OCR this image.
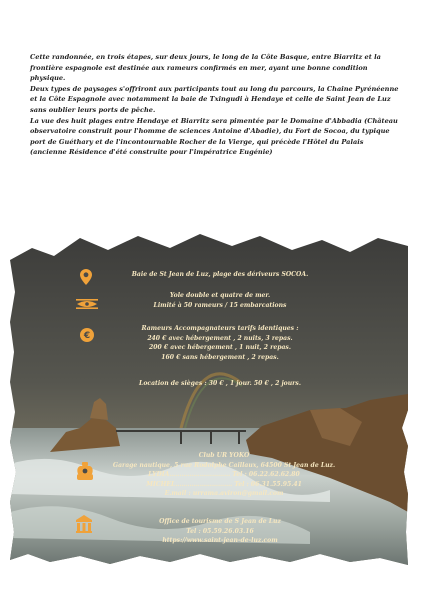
Cette randonnée, en trois étapes, sur deux jours, le long de la Côte Basque, entre Biarritz et la frontière espagnole est destinée aux rameurs confirmés en mer, ayant une bonne condition physique.

Deux types de paysages s'offriront aux participants tout au long du parcours, la Chaine Pyrénéenne et la Côte Espagnole avec notamment la baie de Txingudi à Hendaye et celle de Saint Jean de Luz sans oublier leurs ports de pêche.

La vue des huit plages entre Hendaye et Biarritz sera pimentée par le Domaine d'Abbadia (Château observatoire construit pour l'homme de sciences Antoine d'Abadie), du Fort de Socoa, du typique port de Guéthary et de l'incontournable Rocher de la Vierge, qui précède l'Hôtel du Palais (ancienne Résidence d'été construite pour l'impératrice Eugénie)

€
Baie de St Jean de Luz, plage des dériveurs SOCOA.
Yole double et quatre de mer.
Limité à 50 rameurs / 15 embarcations
Rameurs Accompagnateurs tarifs identiques :
240 € avec hébergement , 2 nuits, 3 repas.
200 € avec hébergement , 1 nuit, 2 repas.
160 € sans hébergement , 2 repas.
Location de sièges : 30 € , 1 jour. 50 € , 2 jours.
Club UR YOKO
Garage nautique, 5 rue Rodolphe Caillaux, 64500 St Jean de Luz.
LYDIA………………………… Tel : 06.22.62.62.80
MICHEL………………………. Tel : 06.31.55.95.41
E.mail : urrama.aviron@gmail.com
Office de tourisme de S Jean de Luz
Tel : 05.59.26.03.16
https://www.saint-jean-de-luz.com
